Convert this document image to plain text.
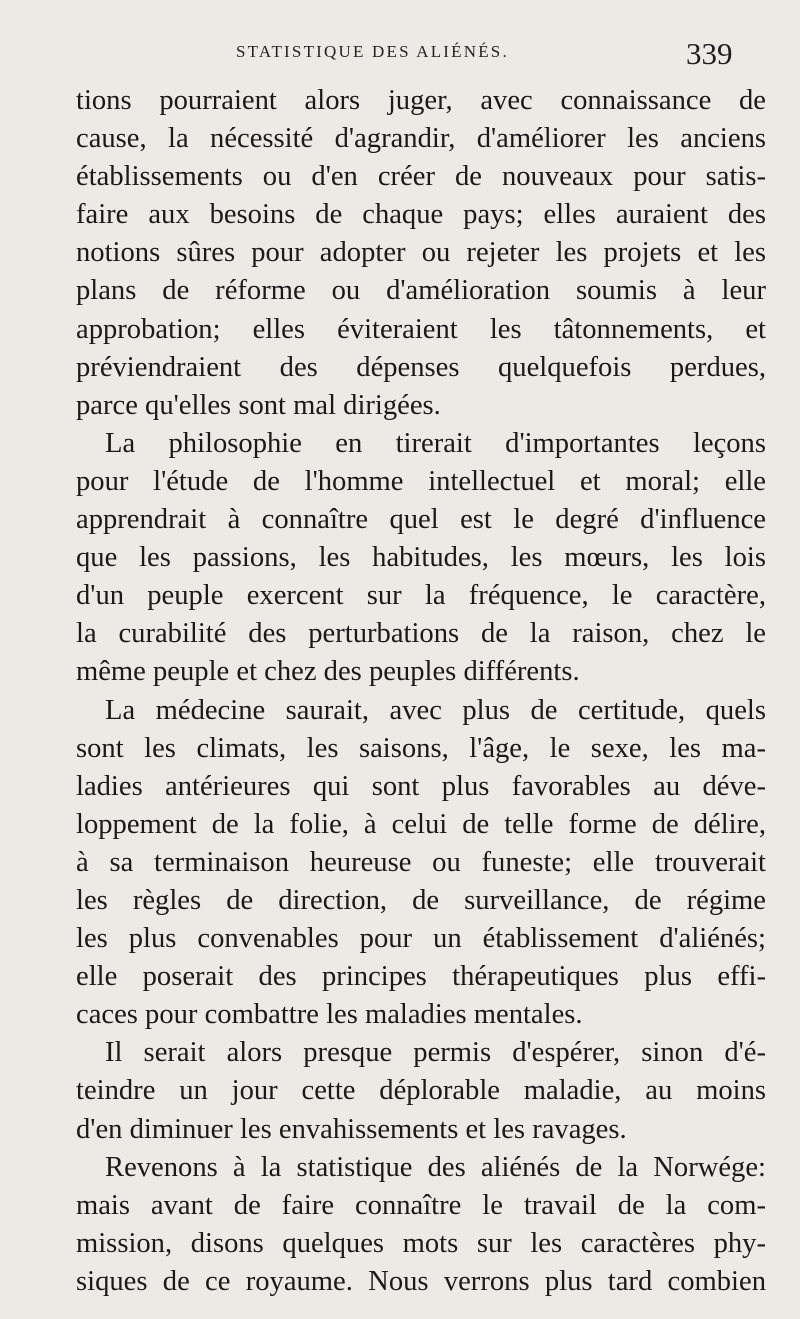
STATISTIQUE DES ALIÉNÉS.	339
tions pourraient alors juger, avec connaissance de
cause, la nécessité d'agrandir, d'améliorer les anciens
établissements ou d'en créer de nouveaux pour satis-
faire aux besoins de chaque pays; elles auraient des
notions sûres pour adopter ou rejeter les projets et les
plans de réforme ou d'amélioration soumis à leur
approbation; elles éviteraient les tâtonnements, et
préviendraient des dépenses quelquefois perdues,
parce qu'elles sont mal dirigées.
La philosophie en tirerait d'importantes leçons
pour l'étude de l'homme intellectuel et moral; elle
apprendrait à connaître quel est le degré d'influence
que les passions, les habitudes, les mœurs, les lois
d'un peuple exercent sur la fréquence, le caractère,
la curabilité des perturbations de la raison, chez le
même peuple et chez des peuples différents.
La médecine saurait, avec plus de certitude, quels
sont les climats, les saisons, l'âge, le sexe, les ma-
ladies antérieures qui sont plus favorables au déve-
loppement de la folie, à celui de telle forme de délire,
à sa terminaison heureuse ou funeste; elle trouverait
les règles de direction, de surveillance, de régime
les plus convenables pour un établissement d'aliénés;
elle poserait des principes thérapeutiques plus effi-
caces pour combattre les maladies mentales.
Il serait alors presque permis d'espérer, sinon d'é-
teindre un jour cette déplorable maladie, au moins
d'en diminuer les envahissements et les ravages.
Revenons à la statistique des aliénés de la Norwége:
mais avant de faire connaître le travail de la com-
mission, disons quelques mots sur les caractères phy-
siques de ce royaume. Nous verrons plus tard combien
